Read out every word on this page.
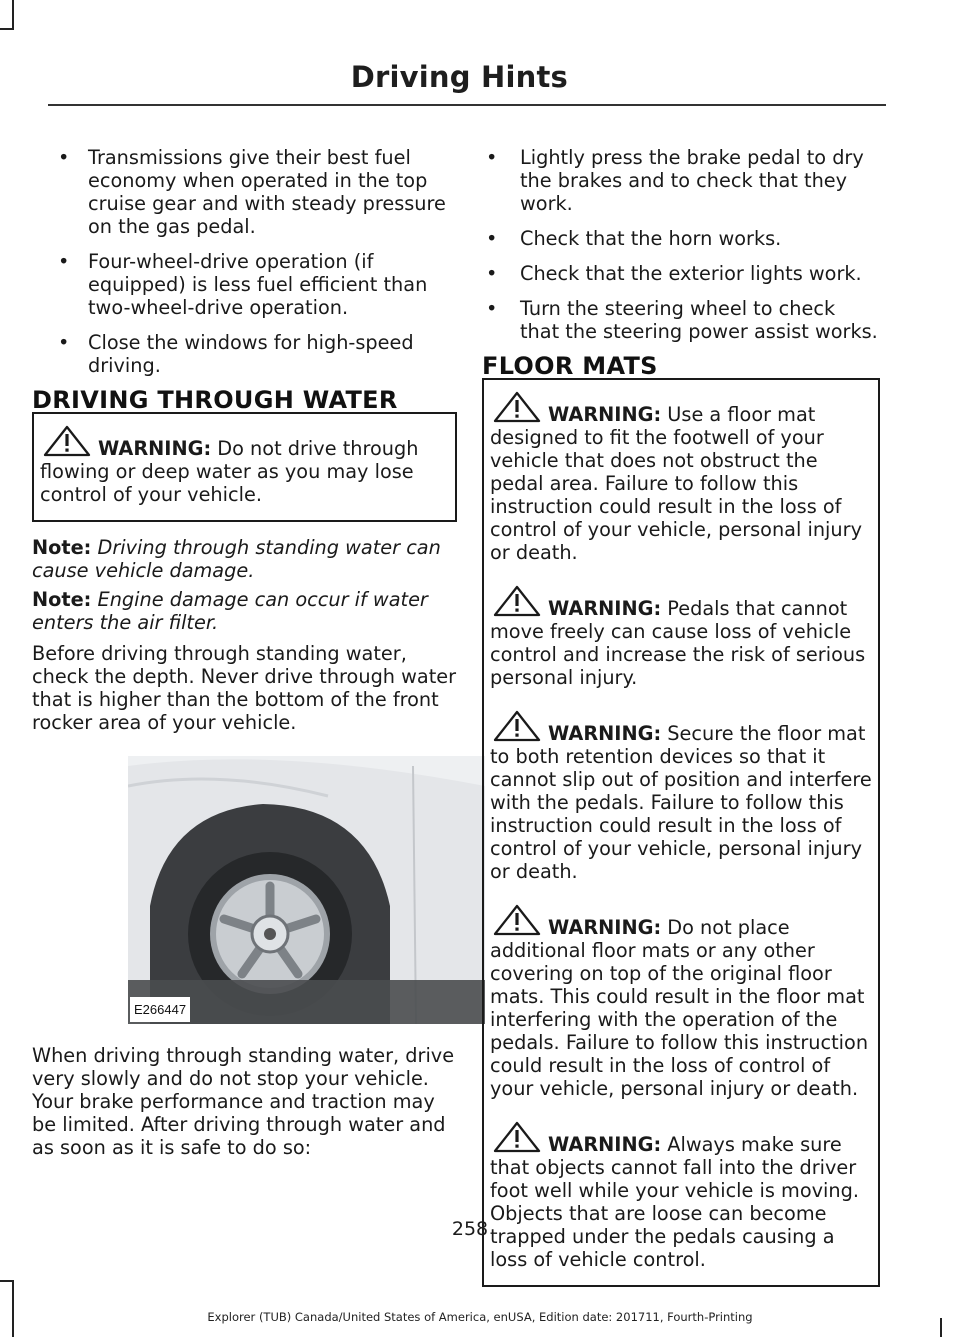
Driving Hints
• Transmissions give their best fuel economy when operated in the top cruise gear and with steady pressure on the gas pedal.
• Four-wheel-drive operation (if equipped) is less fuel efficient than two-wheel-drive operation.
• Close the windows for high-speed driving.
DRIVING THROUGH WATER
WARNING: Do not drive through flowing or deep water as you may lose control of your vehicle.
Note: Driving through standing water can cause vehicle damage.
Note: Engine damage can occur if water enters the air filter.

Before driving through standing water, check the depth. Never drive through water that is higher than the bottom of the front rocker area of your vehicle.

E266447

When driving through standing water, drive very slowly and do not stop your vehicle. Your brake performance and traction may be limited. After driving through water and as soon as it is safe to do so:

• Lightly press the brake pedal to dry the brakes and to check that they work.
• Check that the horn works.
• Check that the exterior lights work.
• Turn the steering wheel to check that the steering power assist works.
FLOOR MATS
WARNING: Use a floor mat designed to fit the footwell of your vehicle that does not obstruct the pedal area. Failure to follow this instruction could result in the loss of control of your vehicle, personal injury or death.
WARNING: Pedals that cannot move freely can cause loss of vehicle control and increase the risk of serious personal injury.
WARNING: Secure the floor mat to both retention devices so that it cannot slip out of position and interfere with the pedals. Failure to follow this instruction could result in the loss of control of your vehicle, personal injury or death.
WARNING: Do not place additional floor mats or any other covering on top of the original floor mats. This could result in the floor mat interfering with the operation of the pedals. Failure to follow this instruction could result in the loss of control of your vehicle, personal injury or death.
WARNING: Always make sure that objects cannot fall into the driver foot well while your vehicle is moving. Objects that are loose can become trapped under the pedals causing a loss of vehicle control.
258
Explorer (TUB) Canada/United States of America, enUSA, Edition date: 201711, Fourth-Printing
